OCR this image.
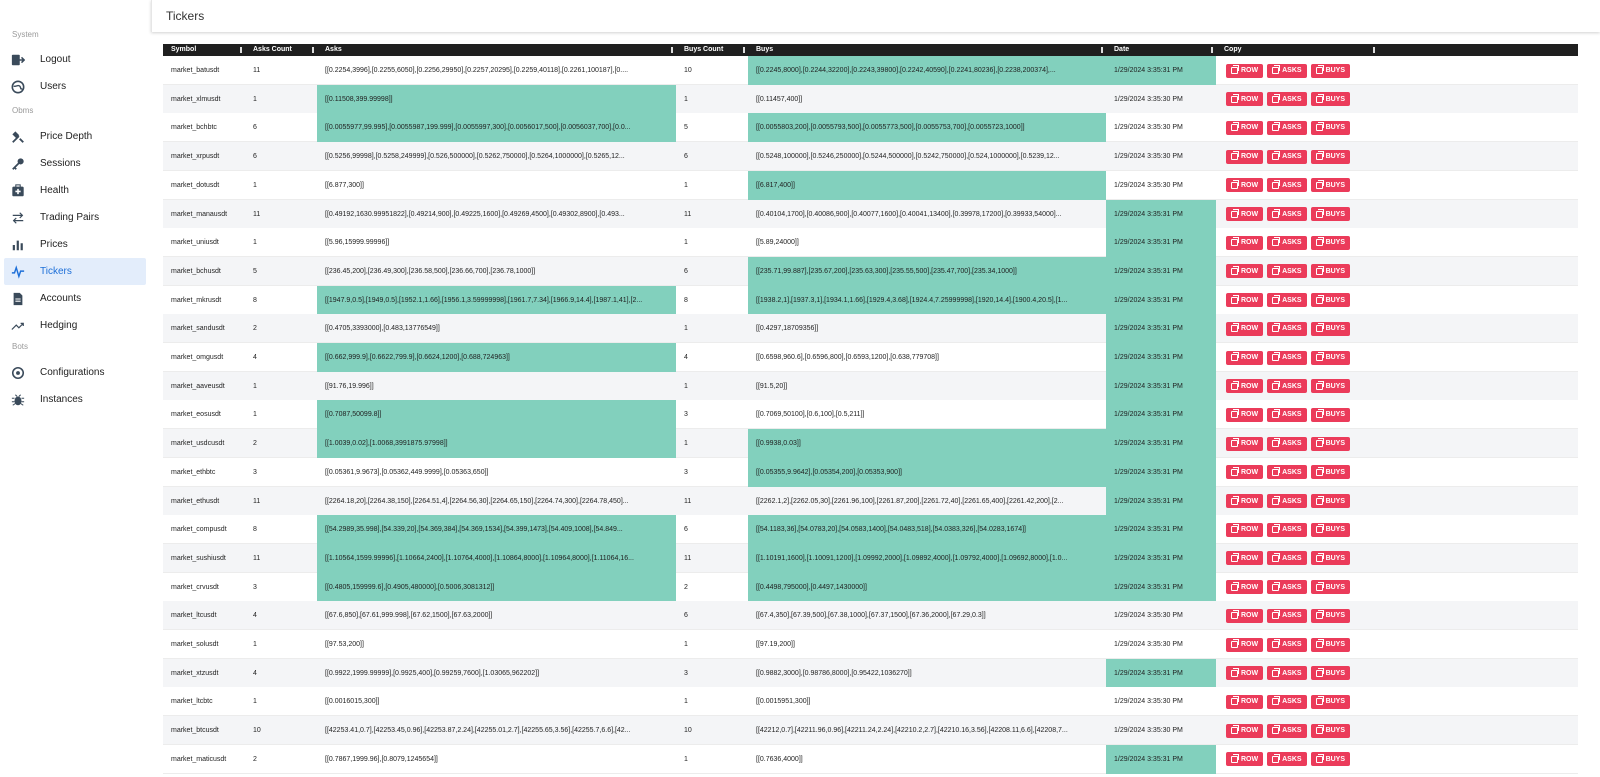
System
Logout
Users
Obms
Price Depth
Sessions
Health
Trading Pairs
Prices
Tickers
Accounts
Hedging
Bots
Configurations
Instances
Tickers
Symbol	Asks Count	Asks	Buys Count	Buys	Date	Copy
market_batusdt	11	[[0.2254,3996],[0.2255,6050],[0.2256,29950],[0.2257,20295],[0.2259,40118],[0.2261,100187],[0....	10	[[0.2245,8000],[0.2244,32200],[0.2243,39800],[0.2242,40590],[0.2241,80236],[0.2238,200374],...	1/29/2024 3:35:31 PM	ROW	ASKS	BUYS
market_xlmusdt	1	[[0.11508,399.99998]]	1	[[0.11457,400]]	1/29/2024 3:35:30 PM	ROW	ASKS	BUYS
market_bchbtc	6	[[0.0055977,99.995],[0.0055987,199.999],[0.0055997,300],[0.0056017,500],[0.0056037,700],[0.0...	5	[[0.0055803,200],[0.0055793,500],[0.0055773,500],[0.0055753,700],[0.0055723,1000]]	1/29/2024 3:35:30 PM	ROW	ASKS	BUYS
market_xrpusdt	6	[[0.5256,99998],[0.5258,249999],[0.526,500000],[0.5262,750000],[0.5264,1000000],[0.5265,12...	6	[[0.5248,100000],[0.5246,250000],[0.5244,500000],[0.5242,750000],[0.524,1000000],[0.5239,12...	1/29/2024 3:35:30 PM	ROW	ASKS	BUYS
market_dotusdt	1	[[6.877,300]]	1	[[6.817,400]]	1/29/2024 3:35:30 PM	ROW	ASKS	BUYS
market_manausdt	11	[[0.49192,1630.99951822],[0.49214,900],[0.49225,1600],[0.49269,4500],[0.49302,8900],[0.493...	11	[[0.40104,1700],[0.40086,900],[0.40077,1600],[0.40041,13400],[0.39978,17200],[0.39933,54000]...	1/29/2024 3:35:31 PM	ROW	ASKS	BUYS
market_uniusdt	1	[[5.96,15999.99996]]	1	[[5.89,24000]]	1/29/2024 3:35:31 PM	ROW	ASKS	BUYS
market_bchusdt	5	[[236.45,200],[236.49,300],[236.58,500],[236.66,700],[236.78,1000]]	6	[[235.71,99.887],[235.67,200],[235.63,300],[235.55,500],[235.47,700],[235.34,1000]]	1/29/2024 3:35:31 PM	ROW	ASKS	BUYS
market_mkrusdt	8	[[1947.9,0.5],[1949,0.5],[1952.1,1.66],[1956.1,3.59999998],[1961.7,7.34],[1966.9,14.4],[1987.1,41],[2...	8	[[1938.2,1],[1937.3,1],[1934.1,1.66],[1929.4,3.68],[1924.4,7.25999998],[1920,14.4],[1900.4,20.5],[1...	1/29/2024 3:35:31 PM	ROW	ASKS	BUYS
market_sandusdt	2	[[0.4705,3393000],[0.483,13776549]]	1	[[0.4297,18709356]]	1/29/2024 3:35:31 PM	ROW	ASKS	BUYS
market_omgusdt	4	[[0.662,999.9],[0.6622,799.9],[0.6624,1200],[0.688,724963]]	4	[[0.6598,960.6],[0.6596,800],[0.6593,1200],[0.638,779708]]	1/29/2024 3:35:31 PM	ROW	ASKS	BUYS
market_aaveusdt	1	[[91.76,19.996]]	1	[[91.5,20]]	1/29/2024 3:35:31 PM	ROW	ASKS	BUYS
market_eosusdt	1	[[0.7087,50099.8]]	3	[[0.7069,50100],[0.6,100],[0.5,211]]	1/29/2024 3:35:31 PM	ROW	ASKS	BUYS
market_usdcusdt	2	[[1.0039,0.02],[1.0068,3991875.97998]]	1	[[0.9938,0.03]]	1/29/2024 3:35:31 PM	ROW	ASKS	BUYS
market_ethbtc	3	[[0.05361,9.9673],[0.05362,449.9999],[0.05363,650]]	3	[[0.05355,9.9642],[0.05354,200],[0.05353,900]]	1/29/2024 3:35:31 PM	ROW	ASKS	BUYS
market_ethusdt	11	[[2264.18,20],[2264.38,150],[2264.51,4],[2264.56,30],[2264.65,150],[2264.74,300],[2264.78,450]...	11	[[2262.1,2],[2262.05,30],[2261.96,100],[2261.87,200],[2261.72,40],[2261.65,400],[2261.42,200],[2...	1/29/2024 3:35:31 PM	ROW	ASKS	BUYS
market_compusdt	8	[[54.2989,35.998],[54.339,20],[54.369,384],[54.369,1534],[54.399,1473],[54.409,1008],[54.849...	6	[[54.1183,36],[54.0783,20],[54.0583,1400],[54.0483,518],[54.0383,326],[54.0283,1674]]	1/29/2024 3:35:31 PM	ROW	ASKS	BUYS
market_sushiusdt	11	[[1.10564,1599.99996],[1.10664,2400],[1.10764,4000],[1.10864,8000],[1.10964,8000],[1.11064,16...	11	[[1.10191,1600],[1.10091,1200],[1.09992,2000],[1.09892,4000],[1.09792,4000],[1.09692,8000],[1.0...	1/29/2024 3:35:31 PM	ROW	ASKS	BUYS
market_crvusdt	3	[[0.4805,159999.6],[0.4905,480000],[0.5006,3081312]]	2	[[0.4498,795000],[0.4497,1430000]]	1/29/2024 3:35:31 PM	ROW	ASKS	BUYS
market_ltcusdt	4	[[67.6,850],[67.61,999.998],[67.62,1500],[67.63,2000]]	6	[[67.4,350],[67.39,500],[67.38,1000],[67.37,1500],[67.36,2000],[67.29,0.3]]	1/29/2024 3:35:30 PM	ROW	ASKS	BUYS
market_solusdt	1	[[97.53,200]]	1	[[97.19,200]]	1/29/2024 3:35:30 PM	ROW	ASKS	BUYS
market_xtzusdt	4	[[0.9922,1999.99999],[0.9925,400],[0.99259,7600],[1.03065,962202]]	3	[[0.9882,3000],[0.98786,8000],[0.95422,1036270]]	1/29/2024 3:35:31 PM	ROW	ASKS	BUYS
market_ltcbtc	1	[[0.0016015,300]]	1	[[0.0015951,300]]	1/29/2024 3:35:30 PM	ROW	ASKS	BUYS
market_btcusdt	10	[[42253.41,0.7],[42253.45,0.96],[42253.87,2.24],[42255.01,2.7],[42255.65,3.56],[42255.7,6.6],[42...	10	[[42212,0.7],[42211.96,0.96],[42211.24,2.24],[42210.2,2.7],[42210.16,3.56],[42208.11,6.6],[42208,7...	1/29/2024 3:35:30 PM	ROW	ASKS	BUYS
market_maticusdt	2	[[0.7867,1999.96],[0.8079,1245654]]	1	[[0.7636,4000]]	1/29/2024 3:35:31 PM	ROW	ASKS	BUYS
